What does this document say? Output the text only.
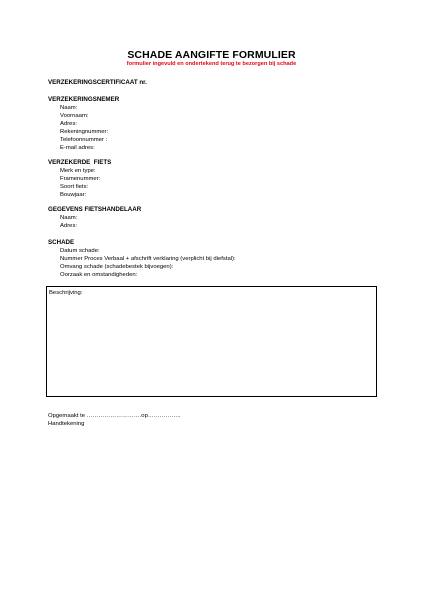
SCHADE AANGIFTE FORMULIER
formulier ingevuld en ondertekend terug te bezorgen bij schade
VERZEKERINGSCERTIFICAAT nr.
VERZEKERINGSNEMER
Naam:
Voornaam:
Adres:
Rekeningnummer:
Telefoonnummer :
E-mail adres:
VERZEKERDE  FIETS
Merk en type:
Framenummer:
Soort fiets:
Bouwjaar:
GEGEVENS FIETSHANDELAAR
Naam:
Adres:
SCHADE
Datum schade:
Nummer Proces Verbaal + afschrift verklaring (verplicht bij diefstal):
Omvang schade (schadebestek bijvoegen):
Oorzaak en omstandigheden:
Beschrijving:
Opgemaakt te ……………………….op……………..
Handtekening
